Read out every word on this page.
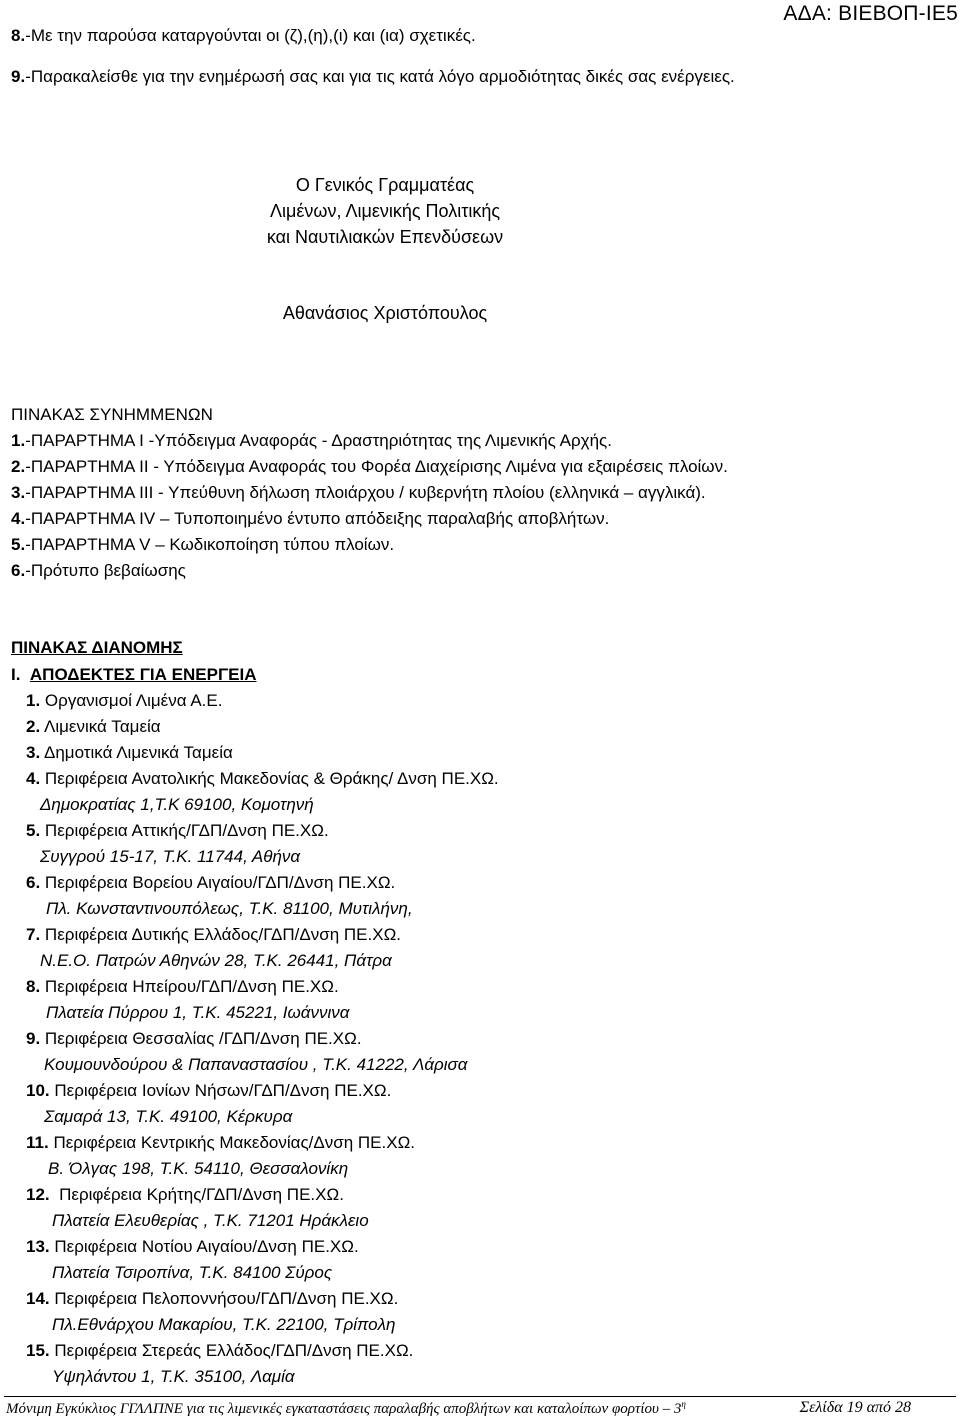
ΑΔΑ: ΒΙΕΒΟΠ-ΙΕ5
8.-Με την παρούσα καταργούνται οι (ζ),(η),(ι) και (ια) σχετικές.
9.-Παρακαλείσθε για την ενημέρωσή σας και για τις κατά λόγο αρμοδιότητας δικές σας ενέργειες.
Ο Γενικός Γραμματέας
Λιμένων, Λιμενικής Πολιτικής
και Ναυτιλιακών Επενδύσεων
Αθανάσιος Χριστόπουλος
ΠΙΝΑΚΑΣ ΣΥΝΗΜΜΕΝΩΝ
1.-ΠΑΡΑΡΤΗΜΑ Ι -Υπόδειγμα Αναφοράς - Δραστηριότητας της Λιμενικής Αρχής.
2.-ΠΑΡΑΡΤΗΜΑ ΙΙ - Υπόδειγμα Αναφοράς του Φορέα Διαχείρισης Λιμένα για εξαιρέσεις πλοίων.
3.-ΠΑΡΑΡΤΗΜΑ ΙΙΙ - Υπεύθυνη δήλωση πλοιάρχου / κυβερνήτη πλοίου (ελληνικά – αγγλικά).
4.-ΠΑΡΑΡΤΗΜΑ IV – Τυποποιημένο έντυπο απόδειξης παραλαβής αποβλήτων.
5.-ΠΑΡΑΡΤΗΜΑ V – Κωδικοποίηση τύπου πλοίων.
6.-Πρότυπο βεβαίωσης
ΠΙΝΑΚΑΣ ΔΙΑΝΟΜΗΣ
Ι. ΑΠΟΔΕΚΤΕΣ ΓΙΑ ΕΝΕΡΓΕΙΑ
1. Οργανισμοί Λιμένα Α.Ε.
2. Λιμενικά Ταμεία
3. Δημοτικά Λιμενικά Ταμεία
4. Περιφέρεια Ανατολικής Μακεδονίας & Θράκης/ Δνση ΠΕ.ΧΩ.
Δημοκρατίας 1,Τ.Κ 69100, Κομοτηνή
5. Περιφέρεια Αττικής/ΓΔΠ/Δνση ΠΕ.ΧΩ.
Συγγρού 15-17, Τ.Κ. 11744, Αθήνα
6. Περιφέρεια Βορείου Αιγαίου/ΓΔΠ/Δνση ΠΕ.ΧΩ.
Πλ. Κωνσταντινουπόλεως, Τ.Κ. 81100, Μυτιλήνη,
7. Περιφέρεια Δυτικής Ελλάδος/ΓΔΠ/Δνση ΠΕ.ΧΩ.
Ν.Ε.Ο. Πατρών Αθηνών 28, Τ.Κ. 26441, Πάτρα
8. Περιφέρεια Ηπείρου/ΓΔΠ/Δνση ΠΕ.ΧΩ.
Πλατεία Πύρρου 1, Τ.Κ. 45221, Ιωάννινα
9. Περιφέρεια Θεσσαλίας /ΓΔΠ/Δνση ΠΕ.ΧΩ.
Κουμουνδούρου & Παπαναστασίου , Τ.Κ. 41222, Λάρισα
10. Περιφέρεια Ιονίων Νήσων/ΓΔΠ/Δνση ΠΕ.ΧΩ.
Σαμαρά 13, Τ.Κ. 49100, Κέρκυρα
11. Περιφέρεια Κεντρικής Μακεδονίας/Δνση ΠΕ.ΧΩ.
Β. Όλγας 198, Τ.Κ. 54110, Θεσσαλονίκη
12. Περιφέρεια Κρήτης/ΓΔΠ/Δνση ΠΕ.ΧΩ.
Πλατεία Ελευθερίας , Τ.Κ. 71201 Ηράκλειο
13. Περιφέρεια Νοτίου Αιγαίου/Δνση ΠΕ.ΧΩ.
Πλατεία Τσιροπίνα, Τ.Κ. 84100 Σύρος
14. Περιφέρεια Πελοποννήσου/ΓΔΠ/Δνση ΠΕ.ΧΩ.
Πλ.Εθνάρχου Μακαρίου, Τ.Κ. 22100, Τρίπολη
15. Περιφέρεια Στερεάς Ελλάδος/ΓΔΠ/Δνση ΠΕ.ΧΩ.
Υψηλάντου 1, Τ.Κ. 35100, Λαμία
Μόνιμη Εγκύκλιος ΓΓΛΛΠΝΕ για τις λιμενικές εγκαταστάσεις παραλαβής αποβλήτων και καταλοίπων φορτίου – $3^\eta$	Σελίδα 19 από 28
